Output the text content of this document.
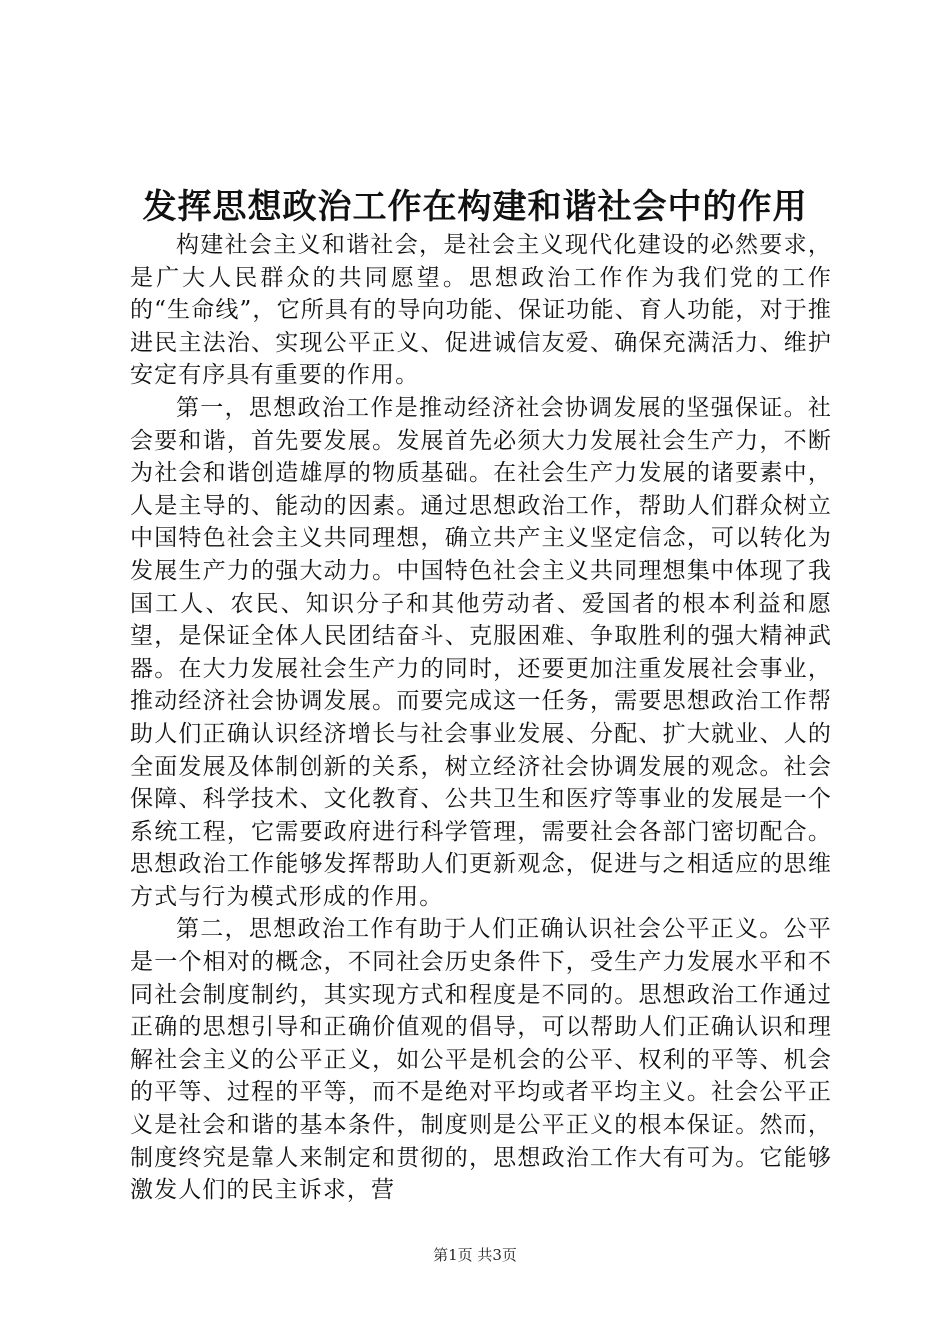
发挥思想政治工作在构建和谐社会中的作用

构建社会主义和谐社会，是社会主义现代化建设的必然要求，是广大人民群众的共同愿望。思想政治工作作为我们党的工作的“生命线”，它所具有的导向功能、保证功能、育人功能，对于推进民主法治、实现公平正义、促进诚信友爱、确保充满活力、维护安定有序具有重要的作用。

第一，思想政治工作是推动经济社会协调发展的坚强保证。社会要和谐，首先要发展。发展首先必须大力发展社会生产力，不断为社会和谐创造雄厚的物质基础。在社会生产力发展的诸要素中，人是主导的、能动的因素。通过思想政治工作，帮助人们群众树立中国特色社会主义共同理想，确立共产主义坚定信念，可以转化为发展生产力的强大动力。中国特色社会主义共同理想集中体现了我国工人、农民、知识分子和其他劳动者、爱国者的根本利益和愿望，是保证全体人民团结奋斗、克服困难、争取胜利的强大精神武器。在大力发展社会生产力的同时，还要更加注重发展社会事业，推动经济社会协调发展。而要完成这一任务，需要思想政治工作帮助人们正确认识经济增长与社会事业发展、分配、扩大就业、人的全面发展及体制创新的关系，树立经济社会协调发展的观念。社会保障、科学技术、文化教育、公共卫生和医疗等事业的发展是一个系统工程，它需要政府进行科学管理，需要社会各部门密切配合。思想政治工作能够发挥帮助人们更新观念，促进与之相适应的思维方式与行为模式形成的作用。

第二，思想政治工作有助于人们正确认识社会公平正义。公平是一个相对的概念，不同社会历史条件下，受生产力发展水平和不同社会制度制约，其实现方式和程度是不同的。思想政治工作通过正确的思想引导和正确价值观的倡导，可以帮助人们正确认识和理解社会主义的公平正义，如公平是机会的公平、权利的平等、机会的平等、过程的平等，而不是绝对平均或者平均主义。社会公平正义是社会和谐的基本条件，制度则是公平正义的根本保证。然而，制度终究是靠人来制定和贯彻的，思想政治工作大有可为。它能够激发人们的民主诉求，营

第1页 共3页
